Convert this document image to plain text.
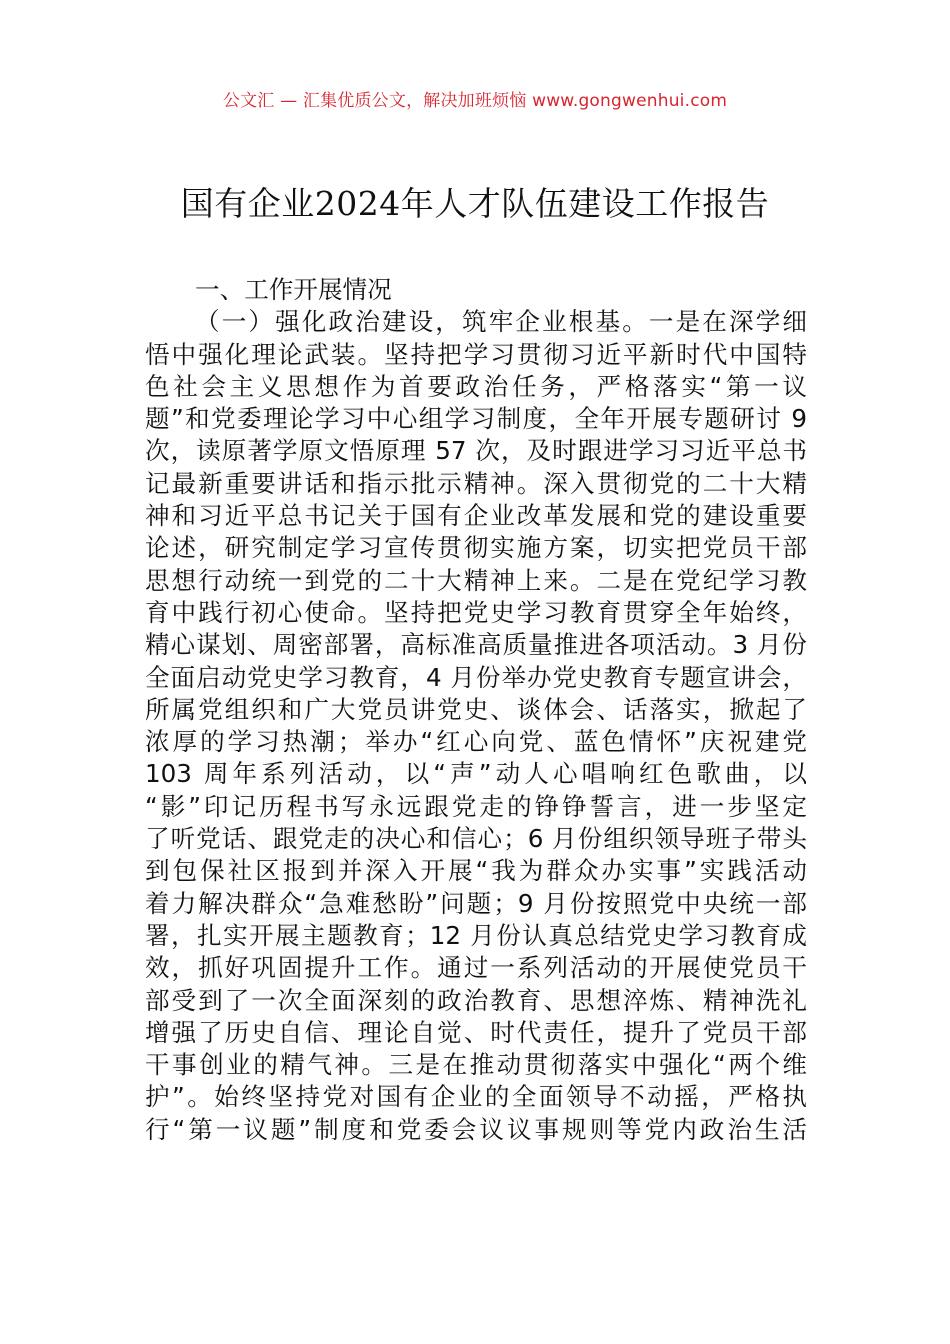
公文汇 — 汇集优质公文，解决加班烦恼 www.gongwenhui.com
国有企业2024年人才队伍建设工作报告
一、工作开展情况
（一）强化政治建设，筑牢企业根基。一是在深学细
悟中强化理论武装。坚持把学习贯彻习近平新时代中国特
色社会主义思想作为首要政治任务，严格落实“第一议
题”和党委理论学习中心组学习制度，全年开展专题研讨 9
次，读原著学原文悟原理 57 次，及时跟进学习习近平总书
记最新重要讲话和指示批示精神。深入贯彻党的二十大精
神和习近平总书记关于国有企业改革发展和党的建设重要
论述，研究制定学习宣传贯彻实施方案，切实把党员干部
思想行动统一到党的二十大精神上来。二是在党纪学习教
育中践行初心使命。坚持把党史学习教育贯穿全年始终，
精心谋划、周密部署，高标准高质量推进各项活动。3 月份
全面启动党史学习教育，4 月份举办党史教育专题宣讲会，
所属党组织和广大党员讲党史、谈体会、话落实，掀起了
浓厚的学习热潮；举办“红心向党、蓝色情怀”庆祝建党
103 周年系列活动，以“声”动人心唱响红色歌曲，以
“影”印记历程书写永远跟党走的铮铮誓言，进一步坚定
了听党话、跟党走的决心和信心；6 月份组织领导班子带头
到包保社区报到并深入开展“我为群众办实事”实践活动
着力解决群众“急难愁盼”问题；9 月份按照党中央统一部
署，扎实开展主题教育；12 月份认真总结党史学习教育成
效，抓好巩固提升工作。通过一系列活动的开展使党员干
部受到了一次全面深刻的政治教育、思想淬炼、精神洗礼
增强了历史自信、理论自觉、时代责任，提升了党员干部
干事创业的精气神。三是在推动贯彻落实中强化“两个维
护”。始终坚持党对国有企业的全面领导不动摇，严格执
行“第一议题”制度和党委会议议事规则等党内政治生活
